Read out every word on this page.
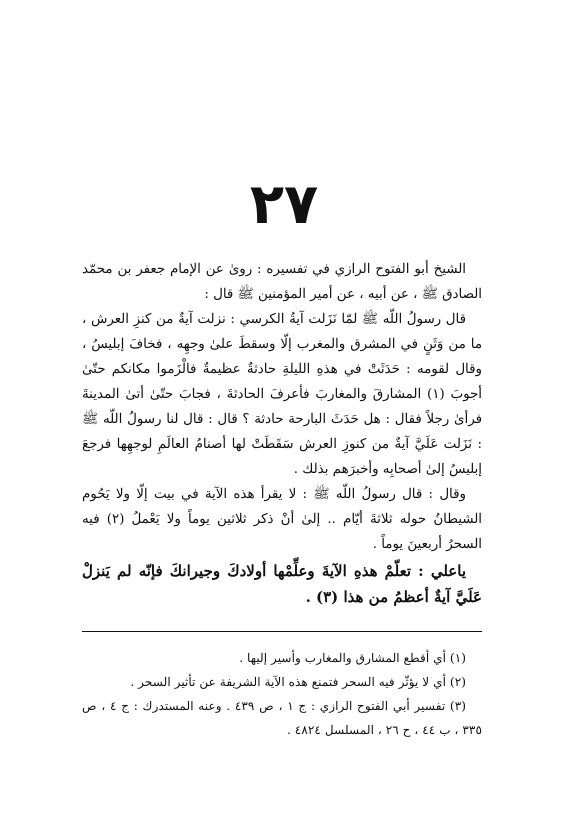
٢٧

الشيخ أبو الفتوح الرازي في تفسيره : روىٰ عن الإمام جعفر بن محمّد الصادق ﷺ ، عن أبيه ، عن أمير المؤمنين ﷺ قال :

قال رسولُ اللّه ﷺ لمّا نَزَلت آيةُ الكرسي : نزلت آيةٌ من كنزِ العرش ، ما من وَثَنٍ في المشرق والمغرب إلّا وسقطَ علىٰ وجهِه ، فخافَ إبليسُ ، وقال لقومه : حَدَثَتْ في هذهِ الليلةِ حادثةٌ عظيمةٌ فالْزَموا مكانكم حتّىٰ أجوبَ (١) المشارقَ والمغاربَ فأعرفَ الحادثةَ ، فجابَ حتّىٰ أتىٰ المدينةَ فرأىٰ رجلاً فقال : هل حَدَثَ البارحة حادثة ؟ قال : قال لنا رسولُ اللّه ﷺ : نَزَلت عَلَيَّ آيةٌ من كنوزِ العرش سَقَطَتْ لها أصنامُ العالَمِ لوجهِها فرجعَ إبليسُ إلىٰ أصحابِه وأخبرَهم بذلك .

وقال : قال رسولُ اللّه ﷺ : لا يقرأ هذه الآية في بيت إلّا ولا يَحُوم الشيطانُ حوله ثلاثةَ أيّام .. إلىٰ أنْ ذكر ثلاثين يوماً ولا يَعْملُ (٢) فيه السحرُ أربعينَ يوماً .

ياعلي : تعلّمْ هذهِ الآيةَ وعلِّمْها أولادكَ وجيرانكَ فإنّه لم يَنزلْ عَلَيَّ آيةٌ أعظمُ من هذا (٣) .

(١) أي أقطع المشارق والمغارب وأسير إليها .

(٢) أي لا يؤثّر فيه السحر فتمنع هذه الآية الشريفة عن تأثير السحر .

(٣) تفسير أبي الفتوح الرازي : ج ١ ، ص ٤٣٩ . وعنه المستدرك : ج ٤ ، ص ٣٣٥ ، ب ٤٤ ، ح ٢٦ ، المسلسل ٤٨٢٤ .
